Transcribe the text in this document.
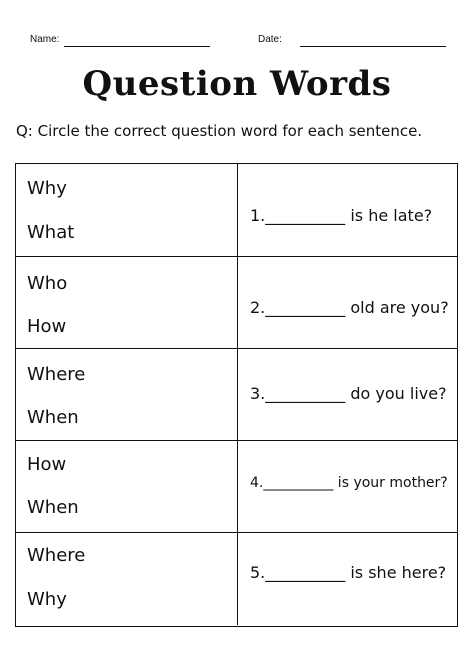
Name:	Date:
Question Words
Q: Circle the correct question word for each sentence.
Why
What
1.__________ is he late?
Who
How
2.__________ old are you?
Where
When
3.__________ do you live?
How
When
4.__________ is your mother?
Where
Why
5.__________ is she here?
